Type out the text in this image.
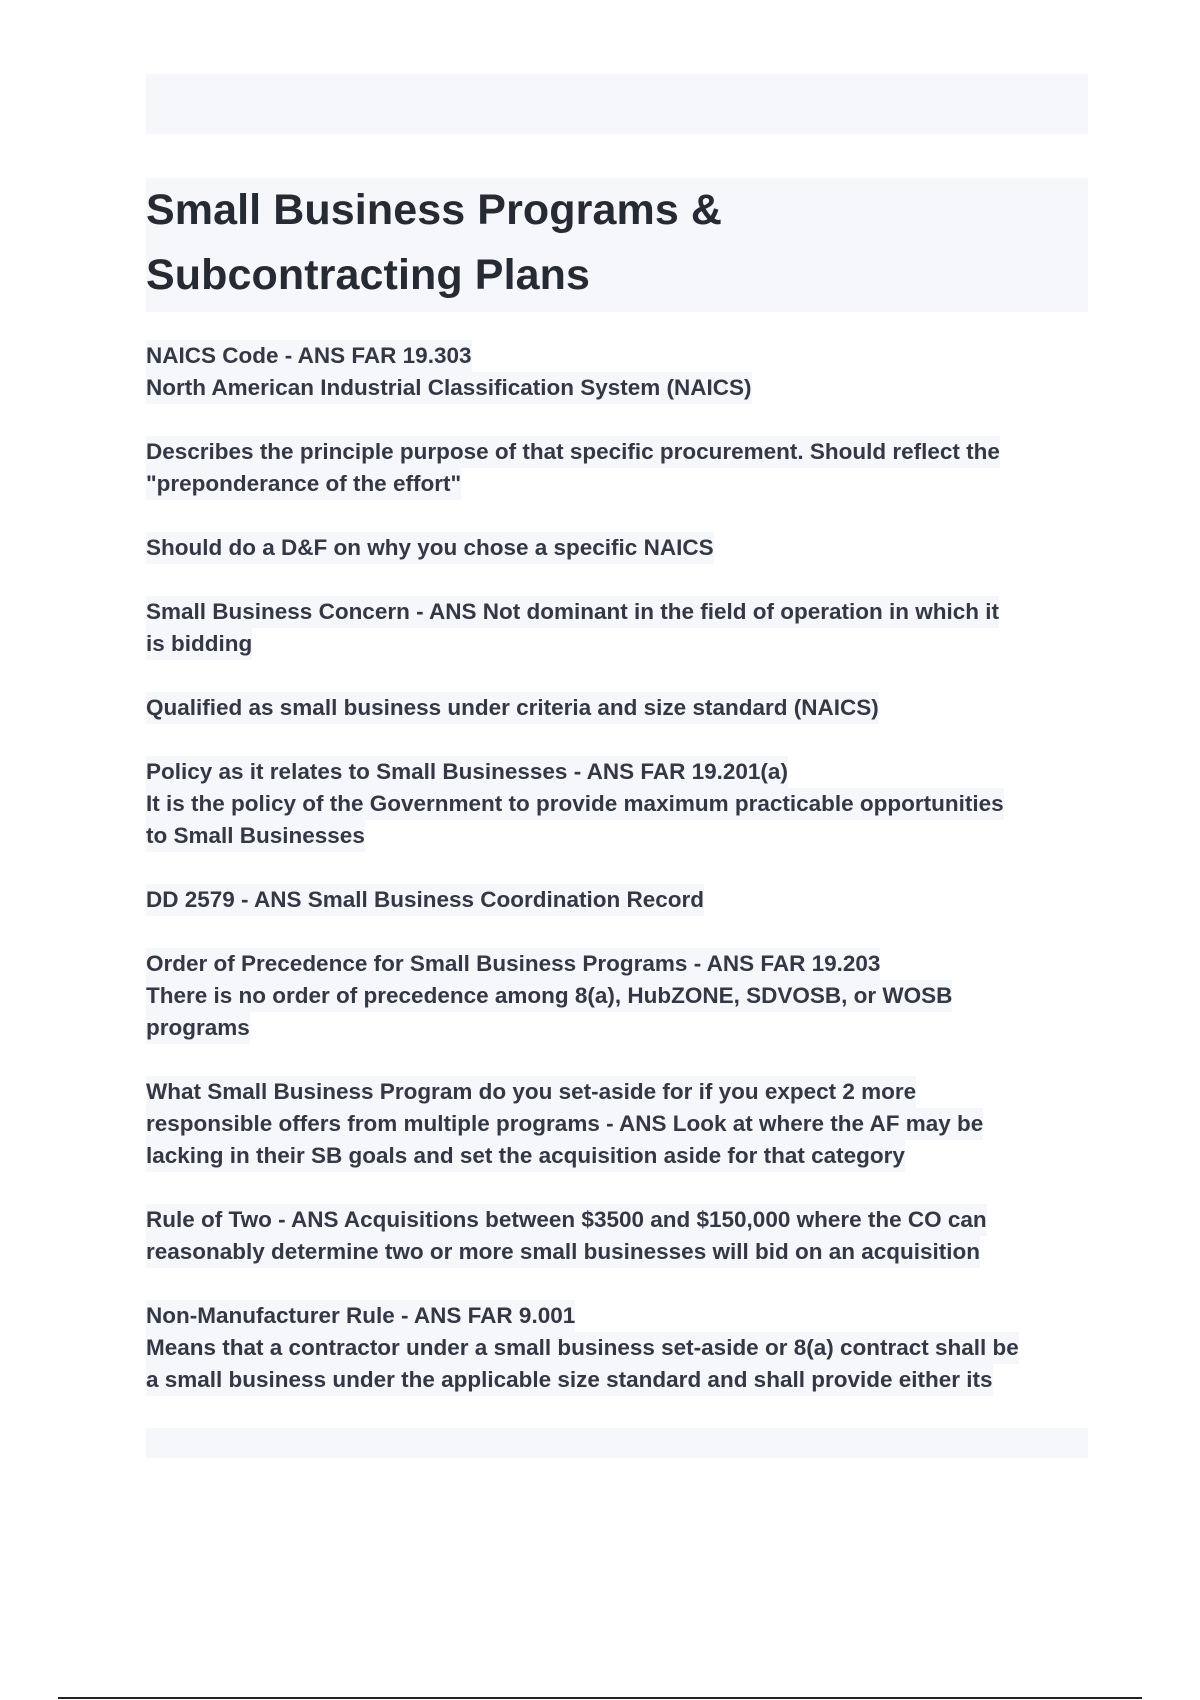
Small Business Programs &
Subcontracting Plans
NAICS Code - ANS FAR 19.303
North American Industrial Classification System (NAICS)
Describes the principle purpose of that specific procurement. Should reflect the
"preponderance of the effort"
Should do a D&F on why you chose a specific NAICS
Small Business Concern - ANS Not dominant in the field of operation in which it
is bidding
Qualified as small business under criteria and size standard (NAICS)
Policy as it relates to Small Businesses - ANS FAR 19.201(a)
It is the policy of the Government to provide maximum practicable opportunities
to Small Businesses
DD 2579 - ANS Small Business Coordination Record
Order of Precedence for Small Business Programs - ANS FAR 19.203
There is no order of precedence among 8(a), HubZONE, SDVOSB, or WOSB
programs
What Small Business Program do you set-aside for if you expect 2 more
responsible offers from multiple programs - ANS Look at where the AF may be
lacking in their SB goals and set the acquisition aside for that category
Rule of Two - ANS Acquisitions between $3500 and $150,000 where the CO can
reasonably determine two or more small businesses will bid on an acquisition
Non-Manufacturer Rule - ANS FAR 9.001
Means that a contractor under a small business set-aside or 8(a) contract shall be
a small business under the applicable size standard and shall provide either its
